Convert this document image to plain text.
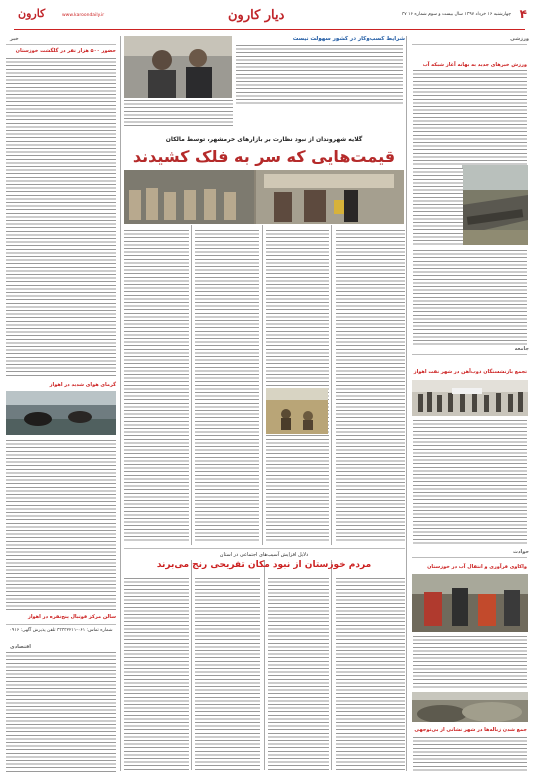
۴
چهارشنبه ۱۶ خرداد ۱۳۹۷ سال بیست و سوم شماره ۱۶ ۳۷
دیار کارون
www.karoondaily.ir
کارون
ورزشی
ورزش خبرهای جدید به بهانه آغاز شبکه آب
جامعه
تجمع بازنشستگان ذوب‌آهن در شهر نفت اهواز
حوادث
واکاوی فرآوری و انتقال آب در خوزستان
جمع شدن زباله‌ها در شهر نشانی از بی‌توجهی
شرایط کسب‌وکار در کشور سهولت نیست
گلایه شهروندان از نبود نظارت بر بازارهای خرمشهر، توسط مالکان
قیمت‌هایی که سر به فلک کشیدند
دلایل افزایش آسیب‌های اجتماعی در استان
مردم خوزستان از نبود مکان تفریحی رنج می‌برند
خبر
حضور ۵۰۰ هزار نفر در گلگشت خوزستان
گرمای هوای شدید در اهواز
سالن مرکز فوتبال پنج‌نفره در اهواز
شماره تماس: ۰۶۱-۳۳۳۳۲۲۱۱ تلفن پذیرش آگهی: ۰۹۱۶
اقتصادی
